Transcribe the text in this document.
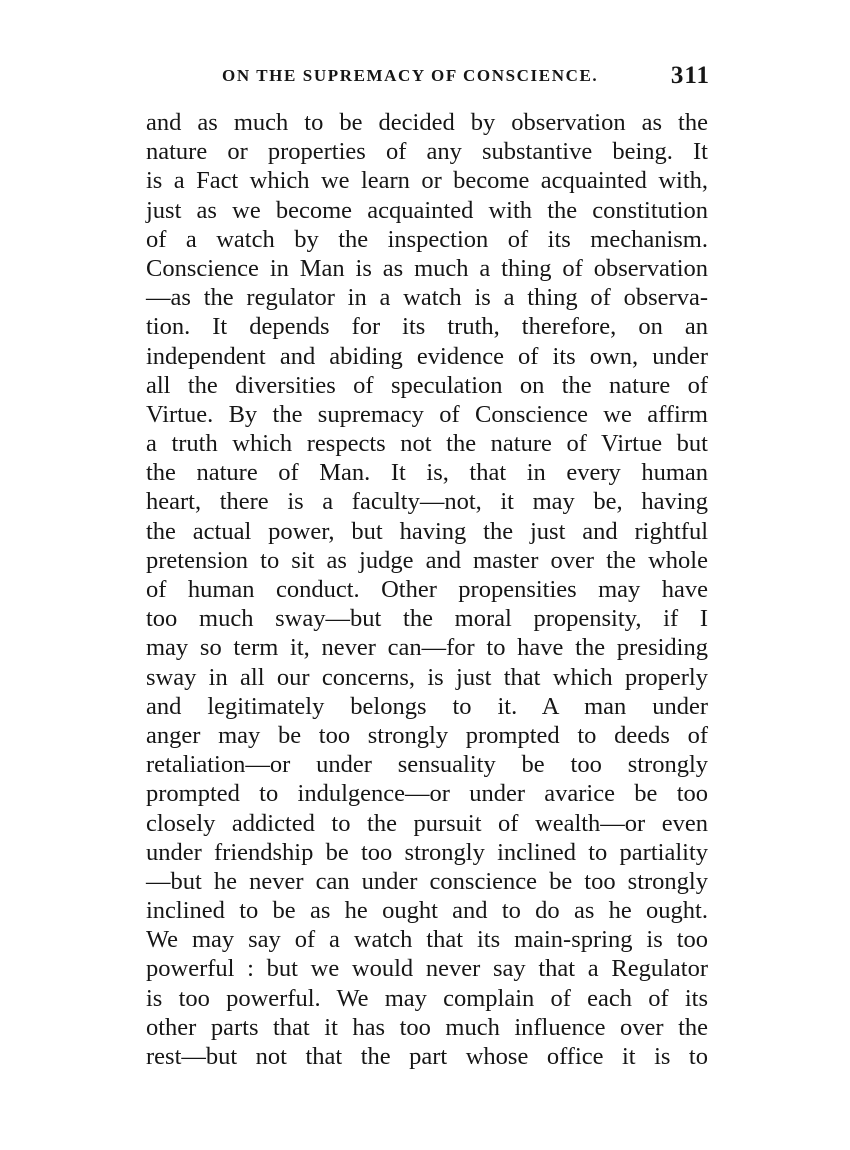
ON THE SUPREMACY OF CONSCIENCE.	311
and as much to be decided by observation as the
nature or properties of any substantive being. It
is a Fact which we learn or become acquainted with,
just as we become acquainted with the constitution
of a watch by the inspection of its mechanism.
Conscience in Man is as much a thing of observation
—as the regulator in a watch is a thing of observa-
tion. It depends for its truth, therefore, on an
independent and abiding evidence of its own, under
all the diversities of speculation on the nature of
Virtue. By the supremacy of Conscience we affirm
a truth which respects not the nature of Virtue but
the nature of Man. It is, that in every human
heart, there is a faculty—not, it may be, having
the actual power, but having the just and rightful
pretension to sit as judge and master over the whole
of human conduct. Other propensities may have
too much sway—but the moral propensity, if I
may so term it, never can—for to have the presiding
sway in all our concerns, is just that which properly
and legitimately belongs to it. A man under
anger may be too strongly prompted to deeds of
retaliation—or under sensuality be too strongly
prompted to indulgence—or under avarice be too
closely addicted to the pursuit of wealth—or even
under friendship be too strongly inclined to partiality
—but he never can under conscience be too strongly
inclined to be as he ought and to do as he ought.
We may say of a watch that its main-spring is too
powerful : but we would never say that a Regulator
is too powerful. We may complain of each of its
other parts that it has too much influence over the
rest—but not that the part whose office it is to
